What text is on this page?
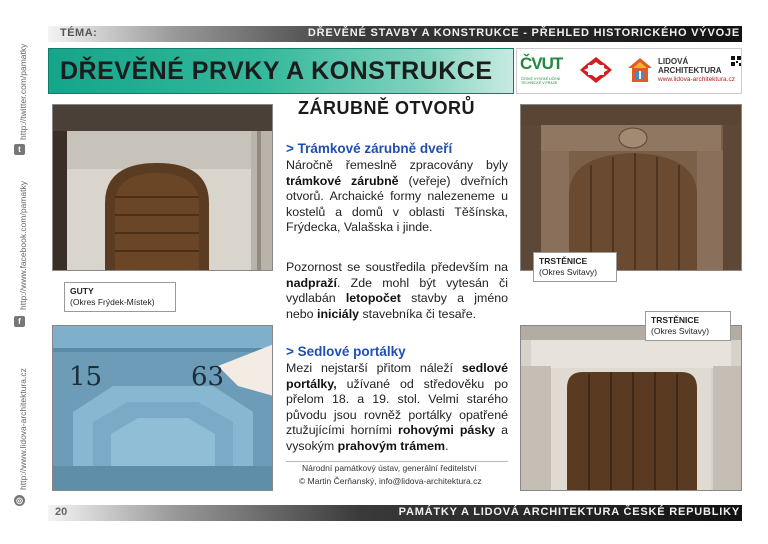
TÉMA:	DŘEVĚNÉ STAVBY A KONSTRUKCE - PŘEHLED HISTORICKÉHO VÝVOJE
DŘEVĚNÉ PRVKY A KONSTRUKCE ČVUT
ČESKÉ VYSOKÉ UČENÍ TECHNICKÉ V PRAZE
LIDOVÁ
ARCHITEKTURA
www.lidova-architektura.cz
http://twitter.com/pamatky
t
http://www.facebook.com/pamatky
f
http://www.lidova-architektura.cz
◎
GUTY
(Okres Frýdek-Místek)
15	63
TRSTĚNICE
(Okres Svitavy)
TRSTĚNICE
(Okres Svitavy)
ZÁRUBNĚ OTVORŮ
> Trámkové zárubně dveří
Náročně řemeslně zpracovány byly trámkové zárubně (veřeje) dveřních otvorů. Archaické formy nalezeneme u kostelů a domů v oblasti Těšínska, Frýdecka, Valašska i jinde.
Pozornost se soustředila především na nadpraží. Zde mohl být vytesán či vydlabán letopočet stavby a jméno nebo iniciály stavebníka či tesaře.
> Sedlové portálky
Mezi nejstarší přitom náleží sedlové portálky, užívané od středověku po přelom 18. a 19. stol. Velmi starého původu jsou rovněž portálky opatřené ztužujícími horními rohovými pásky a vysokým prahovým trámem.
Národní památkový ústav, generální ředitelství
© Martin Čerňanský, info@lidova-architektura.cz
20	PAMÁTKY A LIDOVÁ ARCHITEKTURA ČESKÉ REPUBLIKY
